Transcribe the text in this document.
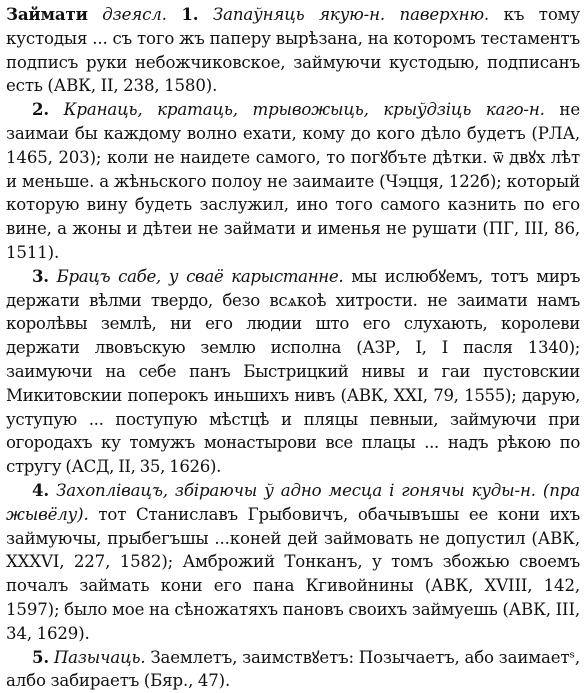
Займати дзеясл. 1. Запаўняць якую-н. паверхню. къ тому кустодыя ... съ того жъ паперу вырѣзана, на которомъ тестаментъ подписъ руки небожчиковское, займуючи кустодыю, подписанъ есть (АВК, II, 238, 1580).

2. Кранаць, кратаць, трывожыць, крыўдзіць каго-н. не заимаи бы каждому волно ехати, кому до кого дѣло будетъ (РЛА, 1465, 203); коли не наидете самого, то погꙋбъте дѣтки. ѿ двꙋх лѣт и меньше. а жѣньского полоу не заимаите (Чэцця, 122б); который которую вину будеть заслужил, ино того самого казнить по его вине, а жоны и дѣтеи не займати и именья не рушати (ПГ, III, 86, 1511).

3. Брацъ сабе, у сваё карыстанне. мы ислюбꙋемъ, тотъ миръ держати вѣлми твердо, безо всѧкоѣ хитрости. не заимати намъ королѣвы землѣ, ни его людии што его слухають, королеви держати лвовъскую землю исполна (АЗР, I, I пасля 1340); заимуючи на себе панъ Быстрицкий нивы и гаи пустовскии Микитовскии поперокъ иньшихъ нивъ (АВК, XXI, 79, 1555); дарую, уступую ... поступую мѣстцѣ и пляцы певныи, займуючи при огородахъ ку томужъ монастырови все плацы ... надъ рѣкою по стругу (АСД, II, 35, 1626).

4. Захоплівацъ, збіраючы ў адно месца і гонячы куды-н. (пра жывёлу). тот Станиславъ Грыбовичъ, обачывъшы ее кони ихъ займуючы, прыбегъшы ...коней дей займовать не допустил (АВК, XXXVI, 227, 1582); Амброжий Тонканъ, у томъ збожью своемъ почалъ займать кони его пана Кгивойнины (АВК, XVIII, 142, 1597); было мое на сѣножатяхъ пановъ своихъ займуешь (АВК, III, 34, 1629).

5. Пазычаць. Заемлетъ, заимствꙋетъ: Позычаетъ, або заимаетˢ, албо забираетъ (Бяр., 47).
